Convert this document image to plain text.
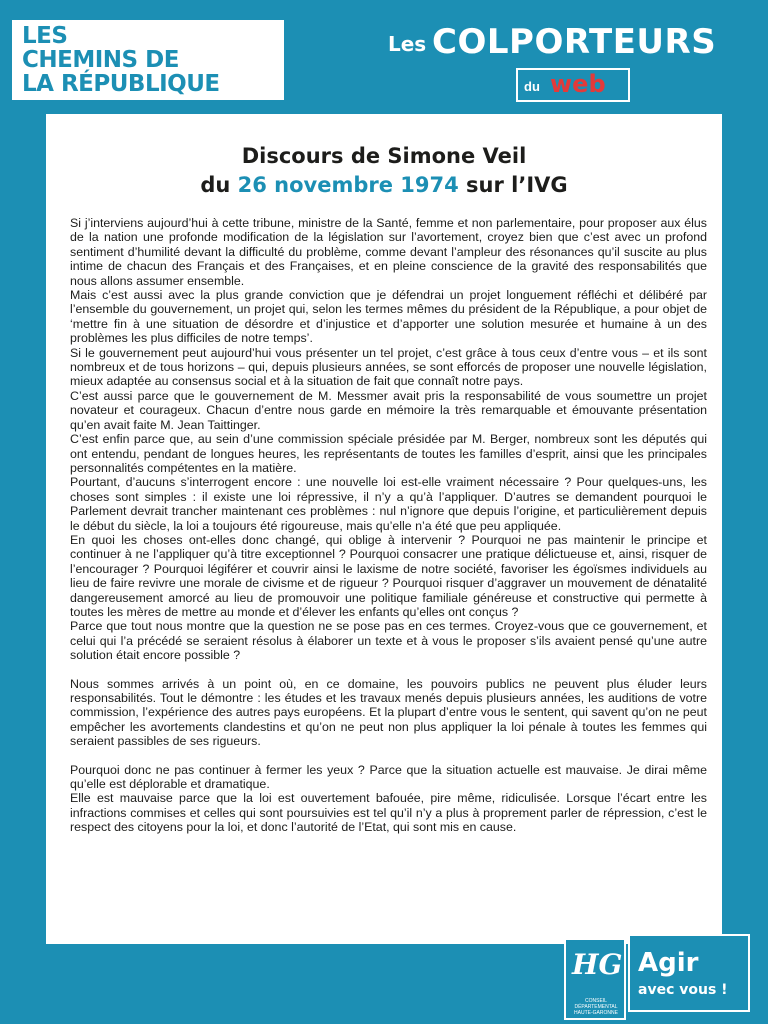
LES
CHEMINS DE
LA RÉPUBLIQUE
Les COLPORTEURS
du web
Discours de Simone Veil
du 26 novembre 1974 sur l’IVG

Si j’interviens aujourd’hui à cette tribune, ministre de la Santé, femme et non parlementaire, pour proposer aux élus de la nation une profonde modification de la législation sur l’avortement, croyez bien que c’est avec un profond sentiment d’humilité devant la difficulté du problème, comme devant l’ampleur des résonances qu’il suscite au plus intime de chacun des Français et des Françaises, et en pleine conscience de la gravité des responsabilités que nous allons assumer ensemble.

Mais c’est aussi avec la plus grande conviction que je défendrai un projet longuement réfléchi et délibéré par l’ensemble du gouvernement, un projet qui, selon les termes mêmes du président de la République, a pour objet de ‘mettre fin à une situation de désordre et d’injustice et d’apporter une solution mesurée et humaine à un des problèmes les plus difficiles de notre temps’.

Si le gouvernement peut aujourd’hui vous présenter un tel projet, c’est grâce à tous ceux d’entre vous – et ils sont nombreux et de tous horizons – qui, depuis plusieurs années, se sont efforcés de proposer une nouvelle législation, mieux adaptée au consensus social et à la situation de fait que connaît notre pays.

C’est aussi parce que le gouvernement de M. Messmer avait pris la responsabilité de vous soumettre un projet novateur et courageux. Chacun d’entre nous garde en mémoire la très remarquable et émouvante présentation qu’en avait faite M. Jean Taittinger.

C’est enfin parce que, au sein d’une commission spéciale présidée par M. Berger, nombreux sont les députés qui ont entendu, pendant de longues heures, les représentants de toutes les familles d’esprit, ainsi que les principales personnalités compétentes en la matière.

Pourtant, d’aucuns s’interrogent encore : une nouvelle loi est-elle vraiment nécessaire ? Pour quelques-uns, les choses sont simples : il existe une loi répressive, il n’y a qu’à l’appliquer. D’autres se demandent pourquoi le Parlement devrait trancher maintenant ces problèmes : nul n’ignore que depuis l’origine, et particulièrement depuis le début du siècle, la loi a toujours été rigoureuse, mais qu’elle n’a été que peu appliquée.

En quoi les choses ont-elles donc changé, qui oblige à intervenir ? Pourquoi ne pas maintenir le principe et continuer à ne l’appliquer qu’à titre exceptionnel ? Pourquoi consacrer une pratique délictueuse et, ainsi, risquer de l’encourager ? Pourquoi légiférer et couvrir ainsi le laxisme de notre société, favoriser les égoïsmes individuels au lieu de faire revivre une morale de civisme et de rigueur ? Pourquoi risquer d’aggraver un mouvement de dénatalité dangereusement amorcé au lieu de promouvoir une politique familiale généreuse et constructive qui permette à toutes les mères de mettre au monde et d’élever les enfants qu’elles ont conçus ?

Parce que tout nous montre que la question ne se pose pas en ces termes. Croyez-vous que ce gouvernement, et celui qui l’a précédé se seraient résolus à élaborer un texte et à vous le proposer s’ils avaient pensé qu’une autre solution était encore possible ?

Nous sommes arrivés à un point où, en ce domaine, les pouvoirs publics ne peuvent plus éluder leurs responsabilités. Tout le démontre : les études et les travaux menés depuis plusieurs années, les auditions de votre commission, l’expérience des autres pays européens. Et la plupart d’entre vous le sentent, qui savent qu’on ne peut empêcher les avortements clandestins et qu’on ne peut non plus appliquer la loi pénale à toutes les femmes qui seraient passibles de ses rigueurs.

Pourquoi donc ne pas continuer à fermer les yeux ? Parce que la situation actuelle est mauvaise. Je dirai même qu’elle est déplorable et dramatique.

Elle est mauvaise parce que la loi est ouvertement bafouée, pire même, ridiculisée. Lorsque l’écart entre les infractions commises et celles qui sont poursuivies est tel qu’il n’y a plus à proprement parler de répression, c’est le respect des citoyens pour la loi, et donc l’autorité de l’Etat, qui sont mis en cause.

HG
CONSEIL DÉPARTEMENTAL HAUTE-GARONNE
Agir
avec vous !
